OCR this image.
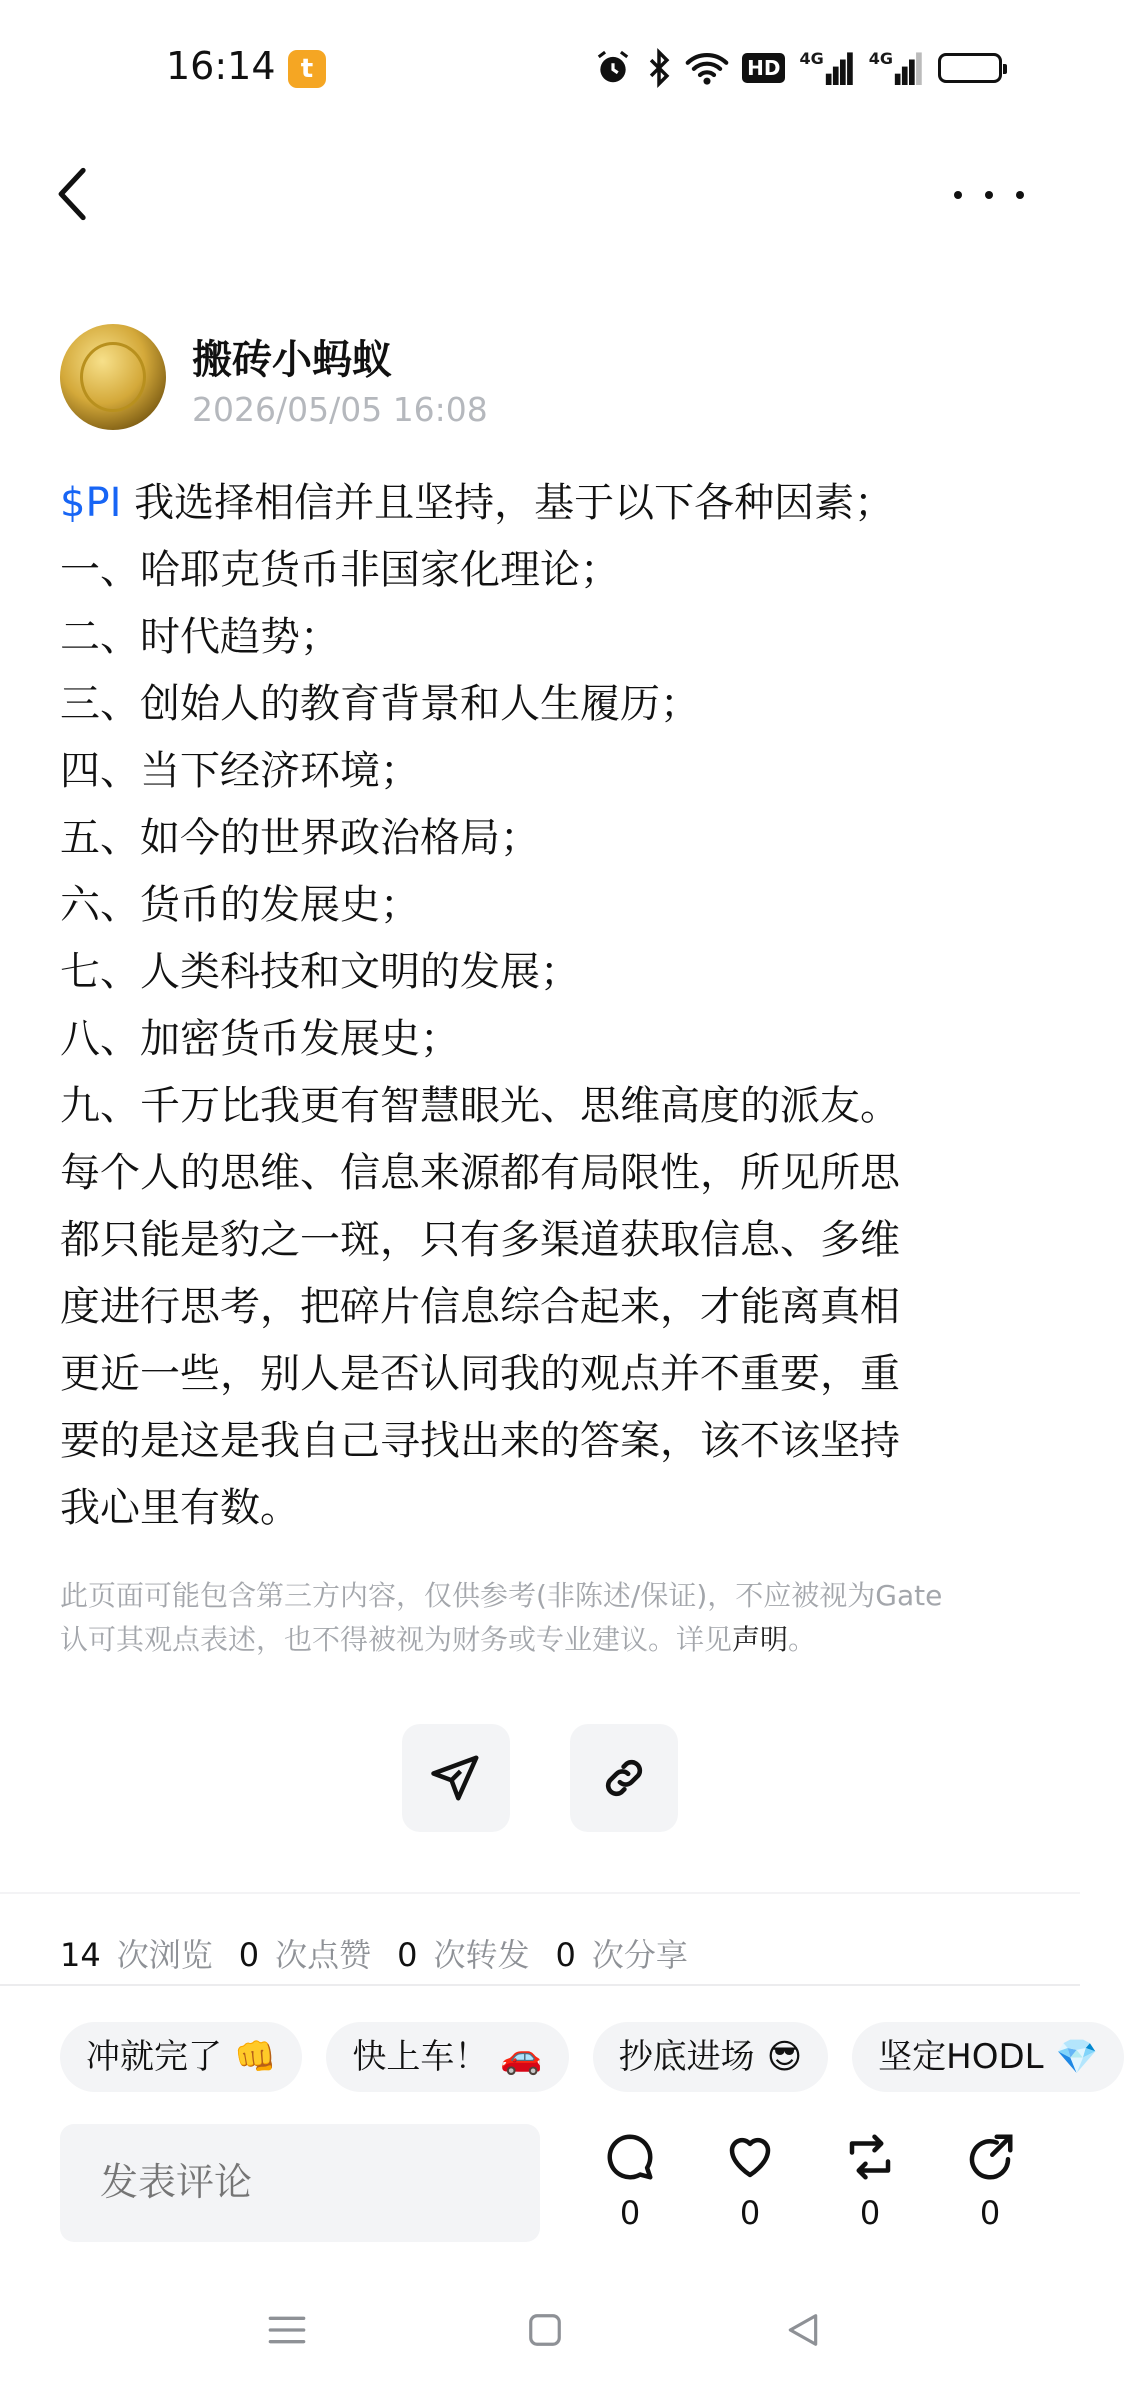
16:14 t	HD	4G	4G
搬砖小蚂蚁
2026/05/05 16:08
$PI 我选择相信并且坚持，基于以下各种因素；
一、哈耶克货币非国家化理论；
二、时代趋势；
三、创始人的教育背景和人生履历；
四、当下经济环境；
五、如今的世界政治格局；
六、货币的发展史；
七、人类科技和文明的发展；
八、加密货币发展史；
九、千万比我更有智慧眼光、思维高度的派友。
每个人的思维、信息来源都有局限性，所见所思
都只能是豹之一斑，只有多渠道获取信息、多维
度进行思考，把碎片信息综合起来，才能离真相
更近一些，别人是否认同我的观点并不重要，重
要的是这是我自己寻找出来的答案，该不该坚持
我心里有数。
此页面可能包含第三方内容，仅供参考(非陈述/保证)，不应被视为Gate
认可其观点表述，也不得被视为财务或专业建议。详见声明。
14 次浏览 0 次点赞 0 次转发 0 次分享
冲就完了 👊 快上车！ 🚗 抄底进场 😎 坚定HODL 💎
发表评论
0	0	0	0
